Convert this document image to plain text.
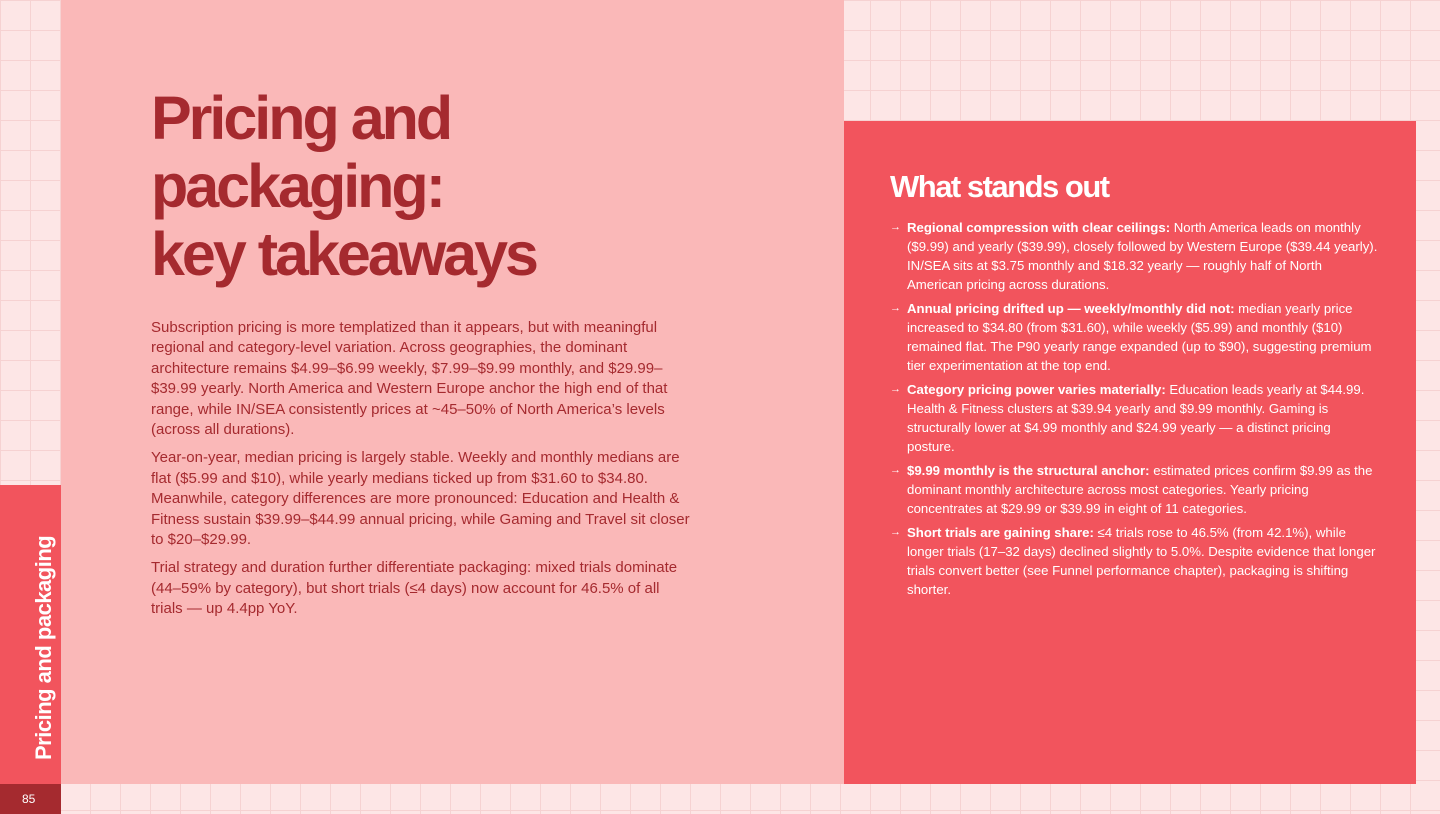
Pricing and
packaging:
key takeaways

Subscription pricing is more templatized than it appears, but with meaningful regional and category-level variation. Across geographies, the dominant architecture remains $4.99–$6.99 weekly, $7.99–$9.99 monthly, and $29.99–$39.99 yearly. North America and Western Europe anchor the high end of that range, while IN/SEA consistently prices at ~45–50% of North America’s levels (across all durations).

Year-on-year, median pricing is largely stable. Weekly and monthly medians are flat ($5.99 and $10), while yearly medians ticked up from $31.60 to $34.80. Meanwhile, category differences are more pronounced: Education and Health & Fitness sustain $39.99–$44.99 annual pricing, while Gaming and Travel sit closer to $20–$29.99.

Trial strategy and duration further differentiate packaging: mixed trials dominate (44–59% by category), but short trials (≤4 days) now account for 46.5% of all trials — up 4.4pp YoY.

What stands out
→ Regional compression with clear ceilings: North America leads on monthly ($9.99) and yearly ($39.99), closely followed by Western Europe ($39.44 yearly). IN/SEA sits at $3.75 monthly and $18.32 yearly — roughly half of North American pricing across durations.
→ Annual pricing drifted up — weekly/monthly did not: median yearly price increased to $34.80 (from $31.60), while weekly ($5.99) and monthly ($10) remained flat. The P90 yearly range expanded (up to $90), suggesting premium tier experimentation at the top end.
→ Category pricing power varies materially: Education leads yearly at $44.99. Health & Fitness clusters at $39.94 yearly and $9.99 monthly. Gaming is structurally lower at $4.99 monthly and $24.99 yearly — a distinct pricing posture.
→ $9.99 monthly is the structural anchor: estimated prices confirm $9.99 as the dominant monthly architecture across most categories. Yearly pricing concentrates at $29.99 or $39.99 in eight of 11 categories.
→ Short trials are gaining share: ≤4 trials rose to 46.5% (from 42.1%), while longer trials (17–32 days) declined slightly to 5.0%. Despite evidence that longer trials convert better (see Funnel performance chapter), packaging is shifting shorter.
Pricing and packaging
85
